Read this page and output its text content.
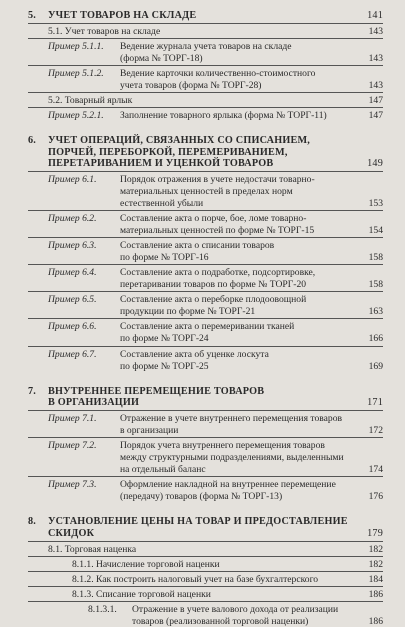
5.	УЧЕТ ТОВАРОВ НА СКЛАДЕ	141
5.1. Учет товаров на складе	143
Пример 5.1.1.	Ведение журнала учета товаров на складе
(форма № ТОРГ-18)	143
Пример 5.1.2.	Ведение карточки количественно-стоимостного
учета товаров (форма № ТОРГ-28)	143
5.2. Товарный ярлык	147
Пример 5.2.1.	Заполнение товарного ярлыка (форма № ТОРГ-11)	147
6.	УЧЕТ ОПЕРАЦИЙ, СВЯЗАННЫХ СО СПИСАНИЕМ,
ПОРЧЕЙ, ПЕРЕБОРКОЙ, ПЕРЕМЕРИВАНИЕМ,
ПЕРЕТАРИВАНИЕМ И УЦЕНКОЙ ТОВАРОВ	149
Пример 6.1.	Порядок отражения в учете недостачи товарно-
материальных ценностей в пределах норм
естественной убыли	153
Пример 6.2.	Составление акта о порче, бое, ломе товарно-
материальных ценностей по форме № ТОРГ-15	154
Пример 6.3.	Составление акта о списании товаров
по форме № ТОРГ-16	158
Пример 6.4.	Составление акта о подработке, подсортировке,
перетаривании товаров по форме № ТОРГ-20	158
Пример 6.5.	Составление акта о переборке плодоовощной
продукции по форме № ТОРГ-21	163
Пример 6.6.	Составление акта о перемеривании тканей
по форме № ТОРГ-24	166
Пример 6.7.	Составление акта об уценке лоскута
по форме № ТОРГ-25	169
7.	ВНУТРЕННЕЕ ПЕРЕМЕЩЕНИЕ ТОВАРОВ
В ОРГАНИЗАЦИИ	171
Пример 7.1.	Отражение в учете внутреннего перемещения товаров
в организации	172
Пример 7.2.	Порядок учета внутреннего перемещения товаров
между структурными подразделениями, выделенными
на отдельный баланс	174
Пример 7.3.	Оформление накладной на внутреннее перемещение
(передачу) товаров (форма № ТОРГ-13)	176
8.	УСТАНОВЛЕНИЕ ЦЕНЫ НА ТОВАР И ПРЕДОСТАВЛЕНИЕ
СКИДОК	179
8.1. Торговая наценка	182
8.1.1. Начисление торговой наценки	182
8.1.2. Как построить налоговый учет на базе бухгалтерского	184
8.1.3. Списание торговой наценки	186
8.1.3.1.	Отражение в учете валового дохода от реализации
товаров (реализованной торговой наценки)	186
